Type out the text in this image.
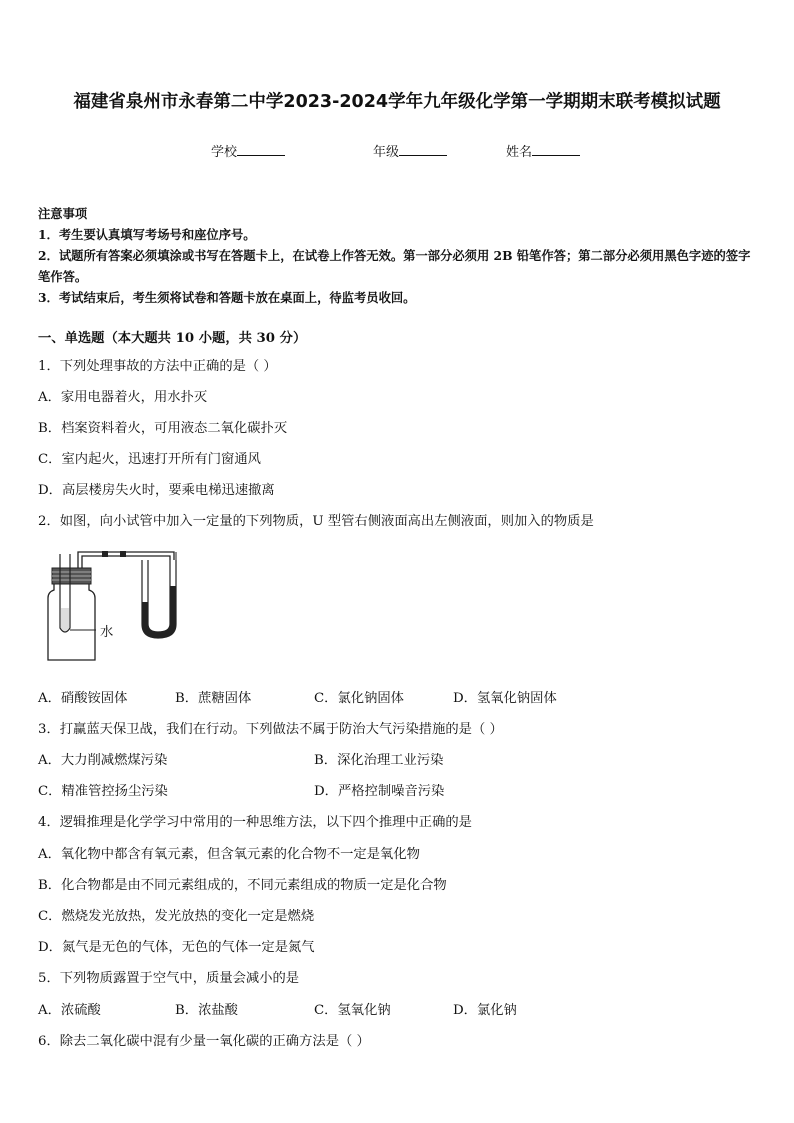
福建省泉州市永春第二中学2023-2024学年九年级化学第一学期期末联考模拟试题
学校	年级	姓名
注意事项
1．考生要认真填写考场号和座位序号。
2．试题所有答案必须填涂或书写在答题卡上，在试卷上作答无效。第一部分必须用 2B 铅笔作答；第二部分必须用黑色字迹的签字笔作答。
3．考试结束后，考生须将试卷和答题卡放在桌面上，待监考员收回。
一、单选题（本大题共 10 小题，共 30 分）
1．下列处理事故的方法中正确的是（ ）
A．家用电器着火，用水扑灭
B．档案资料着火，可用液态二氧化碳扑灭
C．室内起火，迅速打开所有门窗通风
D．高层楼房失火时，要乘电梯迅速撤离
2．如图，向小试管中加入一定量的下列物质，U 型管右侧液面高出左侧液面，则加入的物质是
水
A．硝酸铵固体	B．蔗糖固体	C．氯化钠固体	D．氢氧化钠固体
3．打赢蓝天保卫战，我们在行动。下列做法不属于防治大气污染措施的是（ ）
A．大力削减燃煤污染	B．深化治理工业污染
C．精准管控扬尘污染	D．严格控制噪音污染
4．逻辑推理是化学学习中常用的一种思维方法，以下四个推理中正确的是
A．氧化物中都含有氧元素，但含氧元素的化合物不一定是氧化物
B．化合物都是由不同元素组成的，不同元素组成的物质一定是化合物
C．燃烧发光放热，发光放热的变化一定是燃烧
D．氮气是无色的气体，无色的气体一定是氮气
5．下列物质露置于空气中，质量会减小的是
A．浓硫酸	B．浓盐酸	C．氢氧化钠	D．氯化钠
6．除去二氧化碳中混有少量一氧化碳的正确方法是（ ）
